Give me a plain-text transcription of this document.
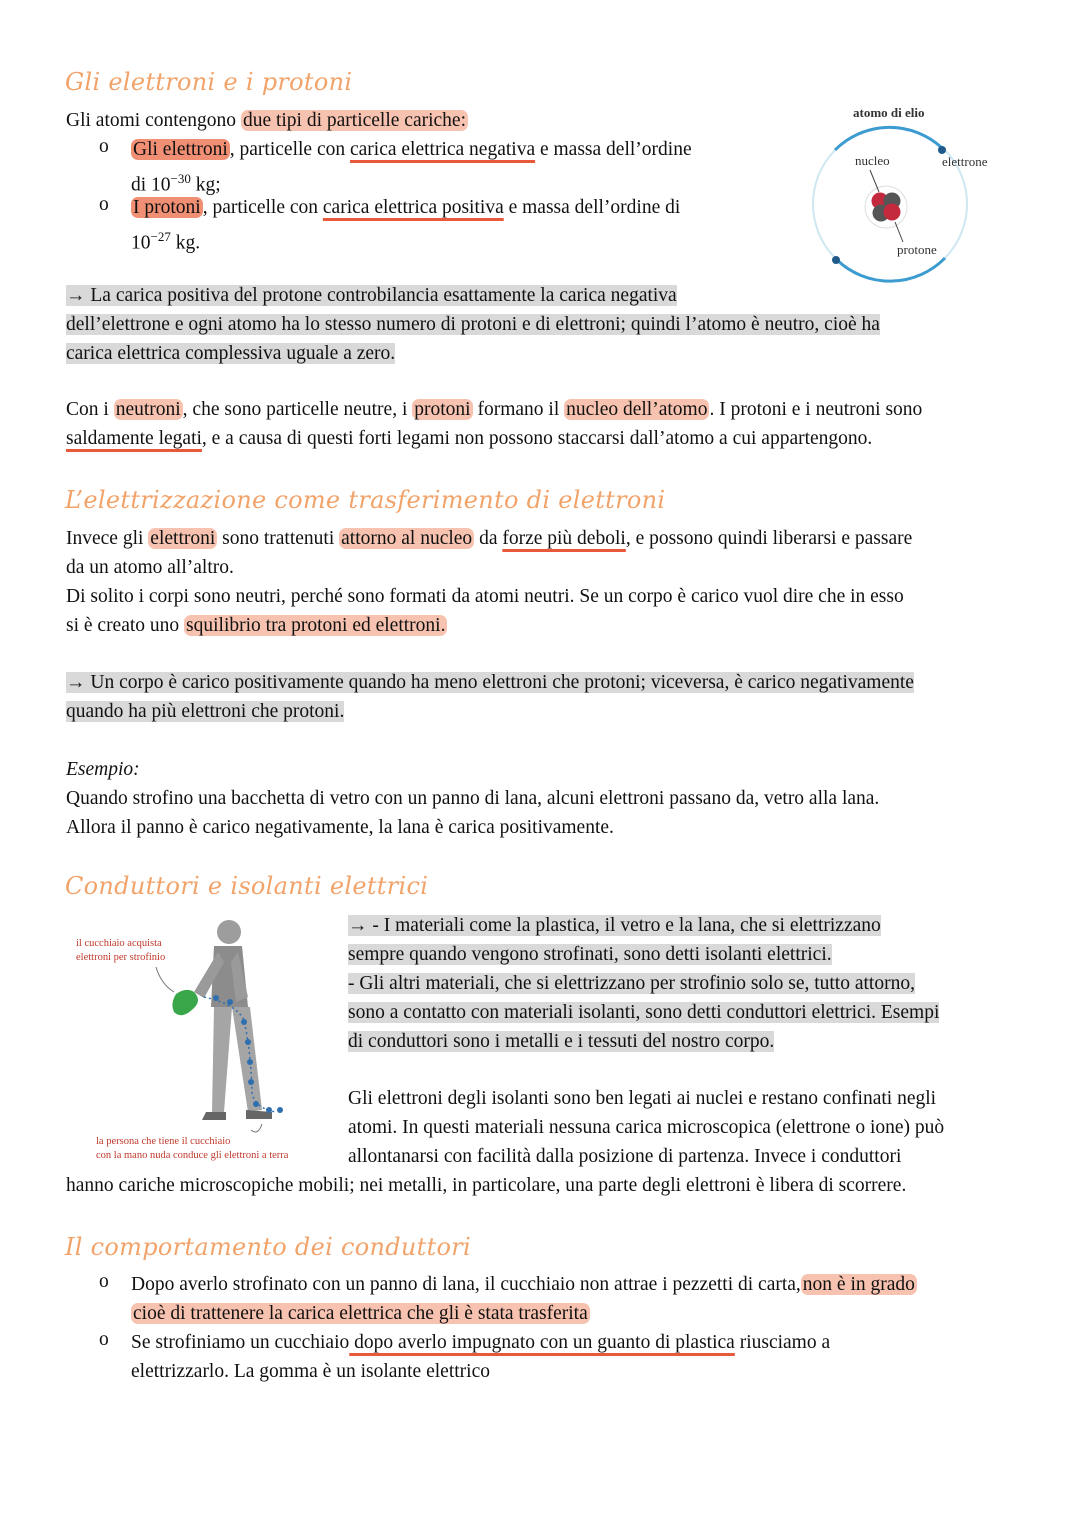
Gli elettroni e i protoni
Gli atomi contengono due tipi di particelle cariche:
o Gli elettroni , particelle con carica elettrica negativa e massa dell’ordine
di $10^{-30}$ kg;
o I protoni , particelle con carica elettrica positiva e massa dell’ordine di
$10^{-27}$ kg.
atomo di elio
nucleo	elettrone
protone
→ La carica positiva del protone controbilancia esattamente la carica negativa
dell’elettrone e ogni atomo ha lo stesso numero di protoni e di elettroni; quindi l’atomo è neutro, cioè ha
carica elettrica complessiva uguale a zero.
Con i neutroni , che sono particelle neutre, i protoni formano il nucleo dell’atomo . I protoni e i neutroni sono
saldamente legati, e a causa di questi forti legami non possono staccarsi dall’atomo a cui appartengono.
L’elettrizzazione come trasferimento di elettroni
Invece gli elettroni sono trattenuti attorno al nucleo da forze più deboli, e possono quindi liberarsi e passare
da un atomo all’altro.
Di solito i corpi sono neutri, perché sono formati da atomi neutri. Se un corpo è carico vuol dire che in esso
si è creato uno squilibrio tra protoni ed elettroni.
→ Un corpo è carico positivamente quando ha meno elettroni che protoni; viceversa, è carico negativamente
quando ha più elettroni che protoni.
Esempio:
Quando strofino una bacchetta di vetro con un panno di lana, alcuni elettroni passano da, vetro alla lana.
Allora il panno è carico negativamente, la lana è carica positivamente.
Conduttori e isolanti elettrici
il cucchiaio acquista
elettroni per strofinio
la persona che tiene il cucchiaio
con la mano nuda conduce gli elettroni a terra
→ - I materiali come la plastica, il vetro e la lana, che si elettrizzano
sempre quando vengono strofinati, sono detti isolanti elettrici.
- Gli altri materiali, che si elettrizzano per strofinio solo se, tutto attorno,
sono a contatto con materiali isolanti, sono detti conduttori elettrici. Esempi
di conduttori sono i metalli e i tessuti del nostro corpo.
Gli elettroni degli isolanti sono ben legati ai nuclei e restano confinati negli
atomi. In questi materiali nessuna carica microscopica (elettrone o ione) può
allontanarsi con facilità dalla posizione di partenza. Invece i conduttori
hanno cariche microscopiche mobili; nei metalli, in particolare, una parte degli elettroni è libera di scorrere.
Il comportamento dei conduttori
o Dopo averlo strofinato con un panno di lana, il cucchiaio non attrae i pezzetti di carta, non è in grado
cioè di trattenere la carica elettrica che gli è stata trasferita
o Se strofiniamo un cucchiaio dopo averlo impugnato con un guanto di plastica riusciamo a
elettrizzarlo. La gomma è un isolante elettrico
